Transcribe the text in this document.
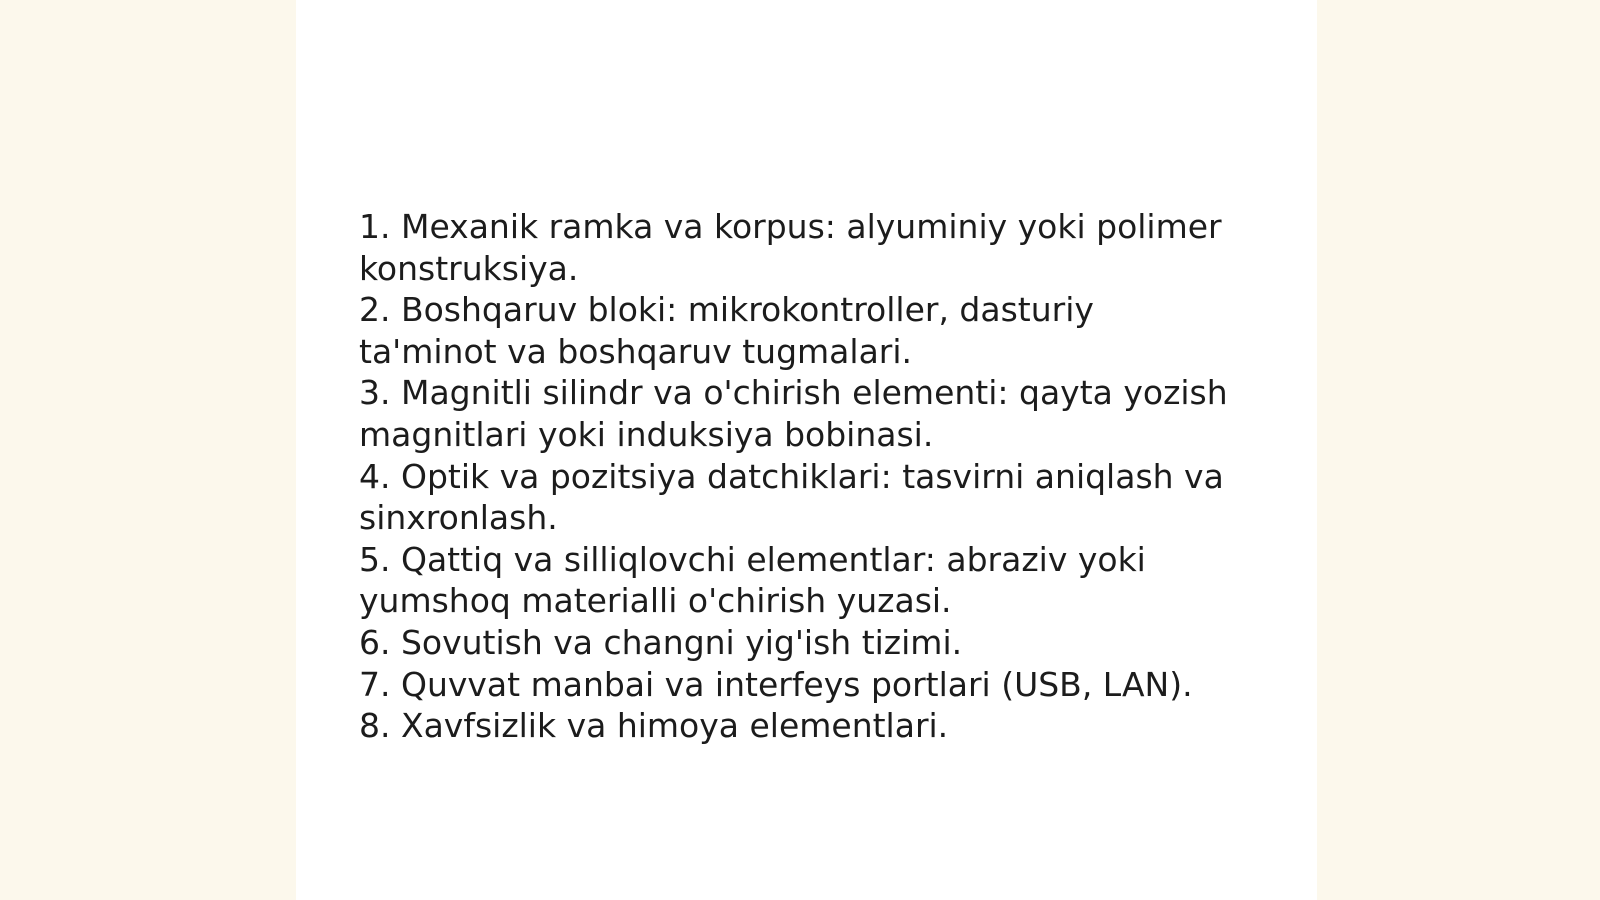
1. Mexanik ramka va korpus: alyuminiy yoki polimer konstruksiya.
2. Boshqaruv bloki: mikrokontroller, dasturiy ta'minot va boshqaruv tugmalari.
3. Magnitli silindr va o'chirish elementi: qayta yozish magnitlari yoki induksiya bobinasi.
4. Optik va pozitsiya datchiklari: tasvirni aniqlash va sinxronlash.
5. Qattiq va silliqlovchi elementlar: abraziv yoki yumshoq materialli o'chirish yuzasi.
6. Sovutish va changni yig'ish tizimi.
7. Quvvat manbai va interfeys portlari (USB, LAN).
8. Xavfsizlik va himoya elementlari.
